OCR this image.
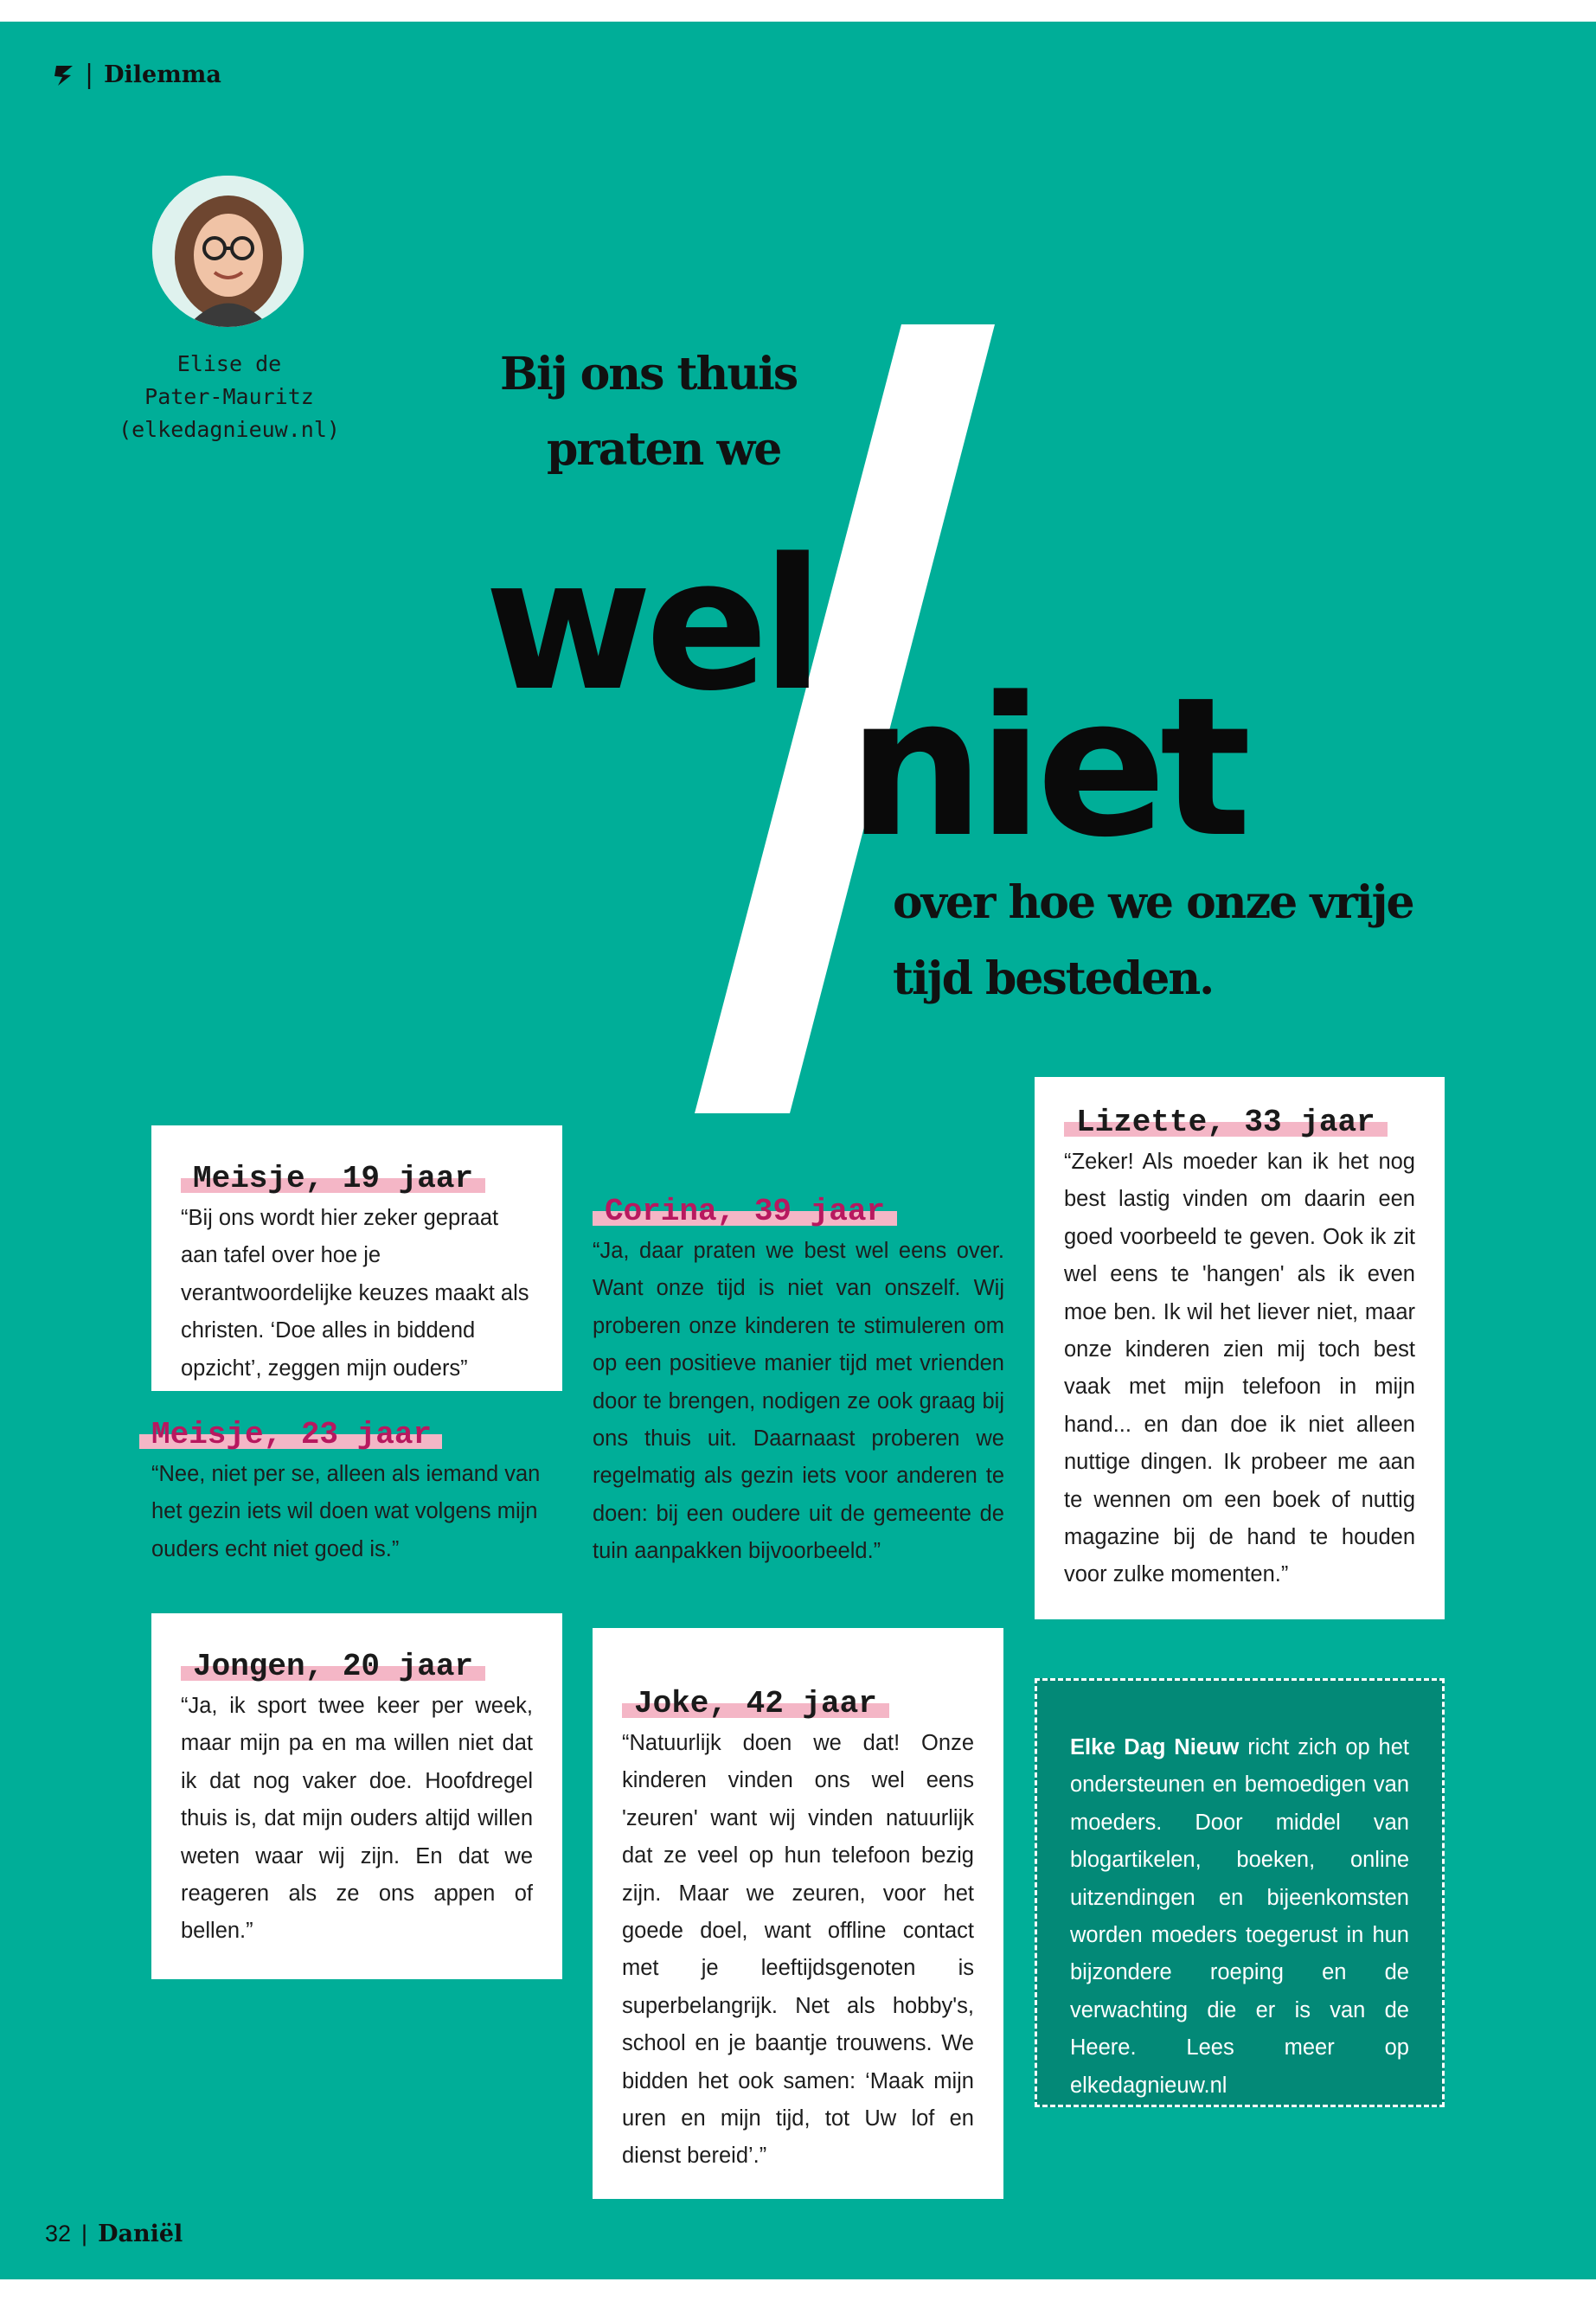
| Dilemma
Elise de
Pater-Mauritz
(elkedagnieuw.nl)
Bij ons thuis
praten we
wel
niet
over hoe we onze vrije
tijd besteden.
Meisje, 19 jaar

“Bij ons wordt hier zeker gepraat aan tafel over hoe je verantwoordelijke keuzes maakt als christen. ‘Doe alles in biddend opzicht’, zeggen mijn ouders”

Meisje, 23 jaar

“Nee, niet per se, alleen als iemand van het gezin iets wil doen wat volgens mijn ouders echt niet goed is.”

Jongen, 20 jaar

“Ja, ik sport twee keer per week, maar mijn pa en ma willen niet dat ik dat nog vaker doe. Hoofdregel thuis is, dat mijn ouders altijd willen weten waar wij zijn. En dat we reageren als ze ons appen of bellen.”

Corina, 39 jaar

“Ja, daar praten we best wel eens over. Want onze tijd is niet van onszelf. Wij proberen onze kinderen te stimuleren om op een positieve manier tijd met vrienden door te brengen, nodigen ze ook graag bij ons thuis uit. Daarnaast proberen we regelmatig als gezin iets voor anderen te doen: bij een oudere uit de gemeente de tuin aanpakken bijvoorbeeld.”

Joke, 42 jaar

“Natuurlijk doen we dat! Onze kinderen vinden ons wel eens 'zeuren' want wij vinden natuurlijk dat ze veel op hun telefoon bezig zijn. Maar we zeuren, voor het goede doel, want offline contact met je leeftijdsgenoten is superbelangrijk. Net als hobby's, school en je baantje trouwens. We bidden het ook samen: ‘Maak mijn uren en mijn tijd, tot Uw lof en dienst bereid’.”

Lizette, 33 jaar

“Zeker! Als moeder kan ik het nog best lastig vinden om daarin een goed voorbeeld te geven. Ook ik zit wel eens te 'hangen' als ik even moe ben. Ik wil het liever niet, maar onze kinderen zien mij toch best vaak met mijn telefoon in mijn hand... en dan doe ik niet alleen nuttige dingen. Ik probeer me aan te wennen om een boek of nuttig magazine bij de hand te houden voor zulke momenten.”

Elke Dag Nieuw richt zich op het ondersteunen en bemoedigen van moeders. Door middel van blogartikelen, boeken, online uitzendingen en bijeenkomsten worden moeders toegerust in hun bijzondere roeping en de verwachting die er is van de Heere. Lees meer op elkedagnieuw.nl

32 | Daniël
